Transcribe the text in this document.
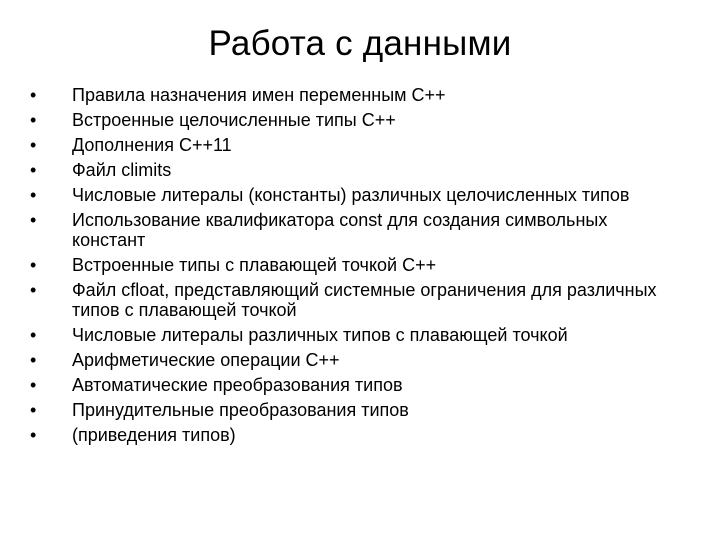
Работа с данными
• Правила назначения имен переменным С++
• Встроенные целочисленные типы С++
• Дополнения С++11
• Файл climits
• Числовые литералы (константы) различных целочисленных типов
• Использование квалификатора const для создания символьных констант
• Встроенные типы с плавающей точкой С++
• Файл cfloat, представляющий системные ограничения для различных типов с плавающей точкой
• Числовые литералы различных типов с плавающей точкой
• Арифметические операции С++
• Автоматические преобразования типов
• Принудительные преобразования типов
• (приведения типов)
